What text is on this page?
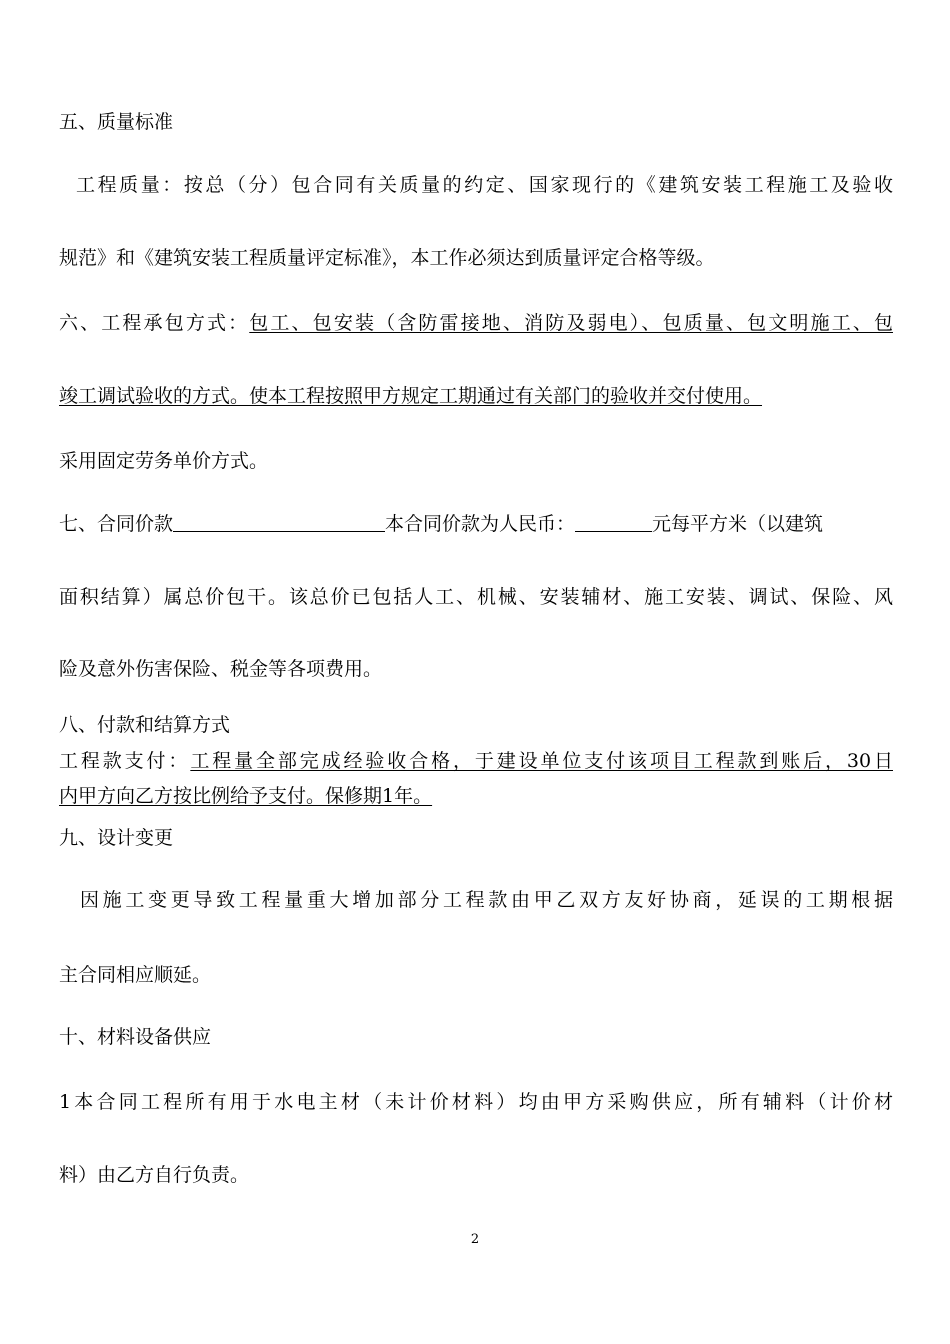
五、质量标准
工程质量：按总（分）包合同有关质量的约定、国家现行的《建筑安装工程施工及验收
规范》和《建筑安装工程质量评定标准》，本工作必须达到质量评定合格等级。
六、工程承包方式：包工、包安装（含防雷接地、消防及弱电）、包质量、包文明施工、包
竣工调试验收的方式。使本工程按照甲方规定工期通过有关部门的验收并交付使用。
采用固定劳务单价方式。
七、合同价款	本合同价款为人民币：	元每平方米（以建筑
面积结算）属总价包干。该总价已包括人工、机械、安装辅材、施工安装、调试、保险、风
险及意外伤害保险、税金等各项费用。
八、付款和结算方式
工程款支付：工程量全部完成经验收合格，于建设单位支付该项目工程款到账后，30日
内甲方向乙方按比例给予支付。保修期1年。
九、设计变更
因施工变更导致工程量重大增加部分工程款由甲乙双方友好协商，延误的工期根据
主合同相应顺延。
十、材料设备供应
1本合同工程所有用于水电主材（未计价材料）均由甲方采购供应，所有辅料（计价材
料）由乙方自行负责。
2
